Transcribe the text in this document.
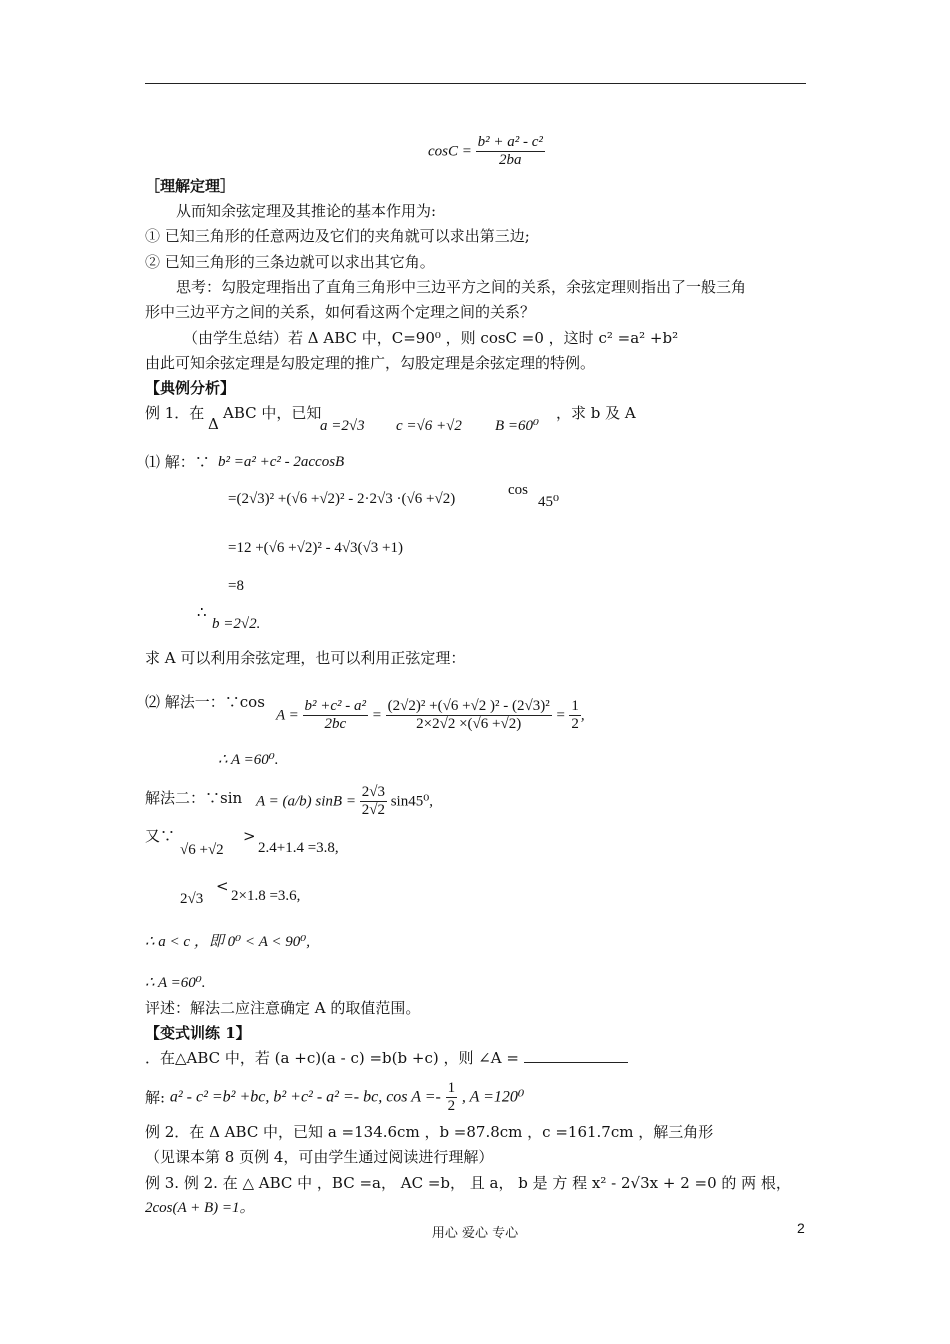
$\cos C = \frac{\text{b² + a² - c²}}{2ba}$
［理解定理］
从而知余弦定理及其推论的基本作用为:
① 已知三角形的任意两边及它们的夹角就可以求出第三边;
② 已知三角形的三条边就可以求出其它角。
思考：勾股定理指出了直角三角形中三边平方之间的关系，余弦定理则指出了一般三角
形中三边平方之间的关系，如何看这两个定理之间的关系？
（由学生总结）若 Δ ABC 中，C=90⁰ ，则 cosC =0 ，这时 c² =a² +b²
由此可知余弦定理是勾股定理的推广，勾股定理是余弦定理的特例。
【典例分析】
例 1．在
Δ
ABC 中，已知
a =2√3 c =√6 +√2 B =60⁰
，求 b 及 A
⑴ 解：∵ b² =a² +c² - 2accosB
=(2√3)² +(√6 +√2)² - 2·2√3 ·(√6 +√2)
cos
45⁰
=12 +(√6 +√2)² - 4√3(√3 +1)
=8
∴
b =2√2.
求 A 可以利用余弦定理，也可以利用正弦定理：
⑵ 解法一：∵cos
$A = \frac{\text{b² +c² - a²}}{2bc} = \frac{\text{(2√2)² +(√6 +√2 )² - (2√3)²}}{2\times 2√2 \times(√6 +√2)} = \frac{1}{2}$ ,
∴ A =60⁰.
解法二：∵sin A = (a/b) $\sin B = \frac{2√3}{2√2} \sin 45^0$,
又∵
√6 +√2
>
2.4+1.4 =3.8,
2√3
<
2×1.8 =3.6,
∴ a < c ，即 0⁰ < A < 90⁰,
∴ A =60⁰.
评述：解法二应注意确定 A 的取值范围。
【变式训练 1】
．在△ABC 中，若 (a +c)(a - c) =b(b +c) ，则 ∠A =
解: a² - c² =b² +bc, b² +c² - a² =- bc, $\cos A =- \frac{1}{2}$ , A =120⁰
例 2．在 Δ ABC 中，已知 a =134.6cm ，b =87.8cm ，c =161.7cm ，解三角形
（见课本第 8 页例 4，可由学生通过阅读进行理解）
例 3. 例 2. 在 △ ABC 中 ，BC =a， AC =b， 且 a， b 是 方 程 x² - 2√3x + 2 =0 的 两 根，
2cos(A + B) =1。
用心 爱心 专心	2
